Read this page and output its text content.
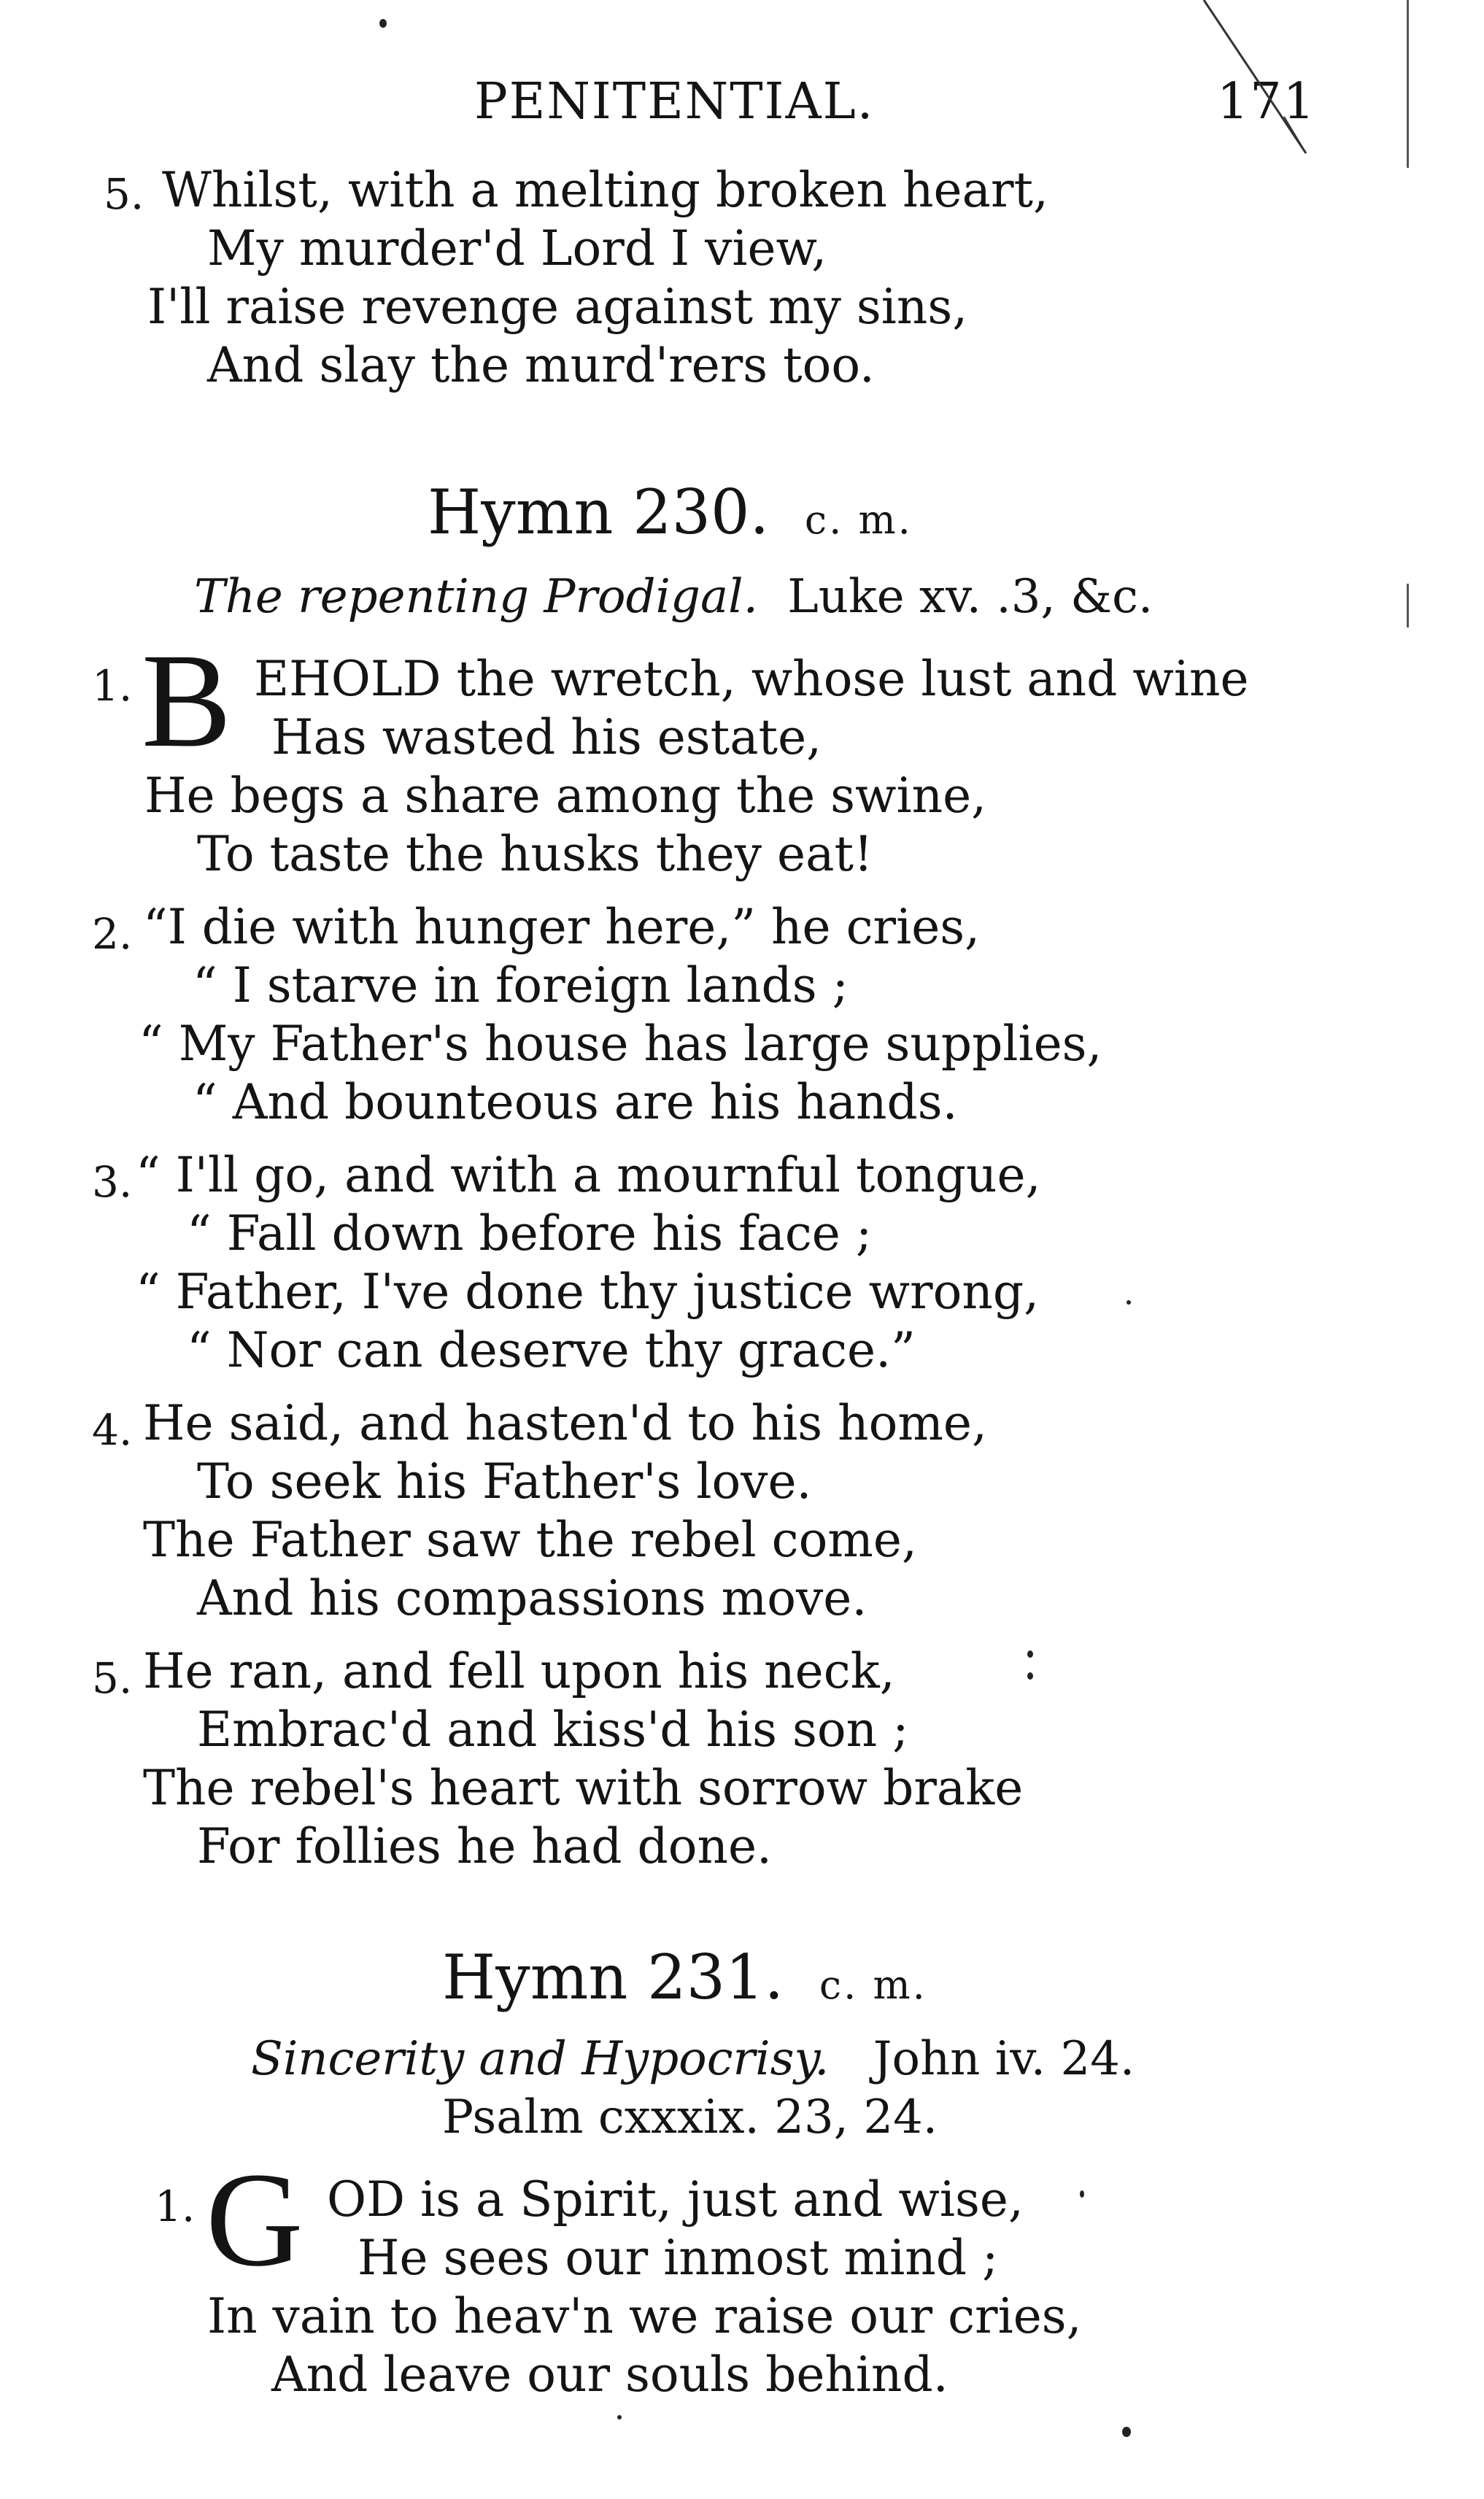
PENITENTIAL.	171
5. Whilst, with a melting broken heart,
My murder'd Lord I view,
I'll raise revenge against my sins,
And slay the murd'rers too.
Hymn 230. c. m.
The repenting Prodigal. Luke xv. .3, &c.
1. B EHOLD the wretch, whose lust and wine
Has wasted his estate,
He begs a share among the swine,
To taste the husks they eat!
2. “I die with hunger here,” he cries,
“ I starve in foreign lands ;
“ My Father's house has large supplies,
“ And bounteous are his hands.
3. “ I'll go, and with a mournful tongue,
“ Fall down before his face ;
“ Father, I've done thy justice wrong,
“ Nor can deserve thy grace.”
4. He said, and hasten'd to his home,
To seek his Father's love.
The Father saw the rebel come,
And his compassions move.
5. He ran, and fell upon his neck,
Embrac'd and kiss'd his son ;
The rebel's heart with sorrow brake
For follies he had done.
Hymn 231. c. m.
Sincerity and Hypocrisy. John iv. 24.
Psalm cxxxix. 23, 24.
1. G OD is a Spirit, just and wise,
He sees our inmost mind ;
In vain to heav'n we raise our cries,
And leave our souls behind.
